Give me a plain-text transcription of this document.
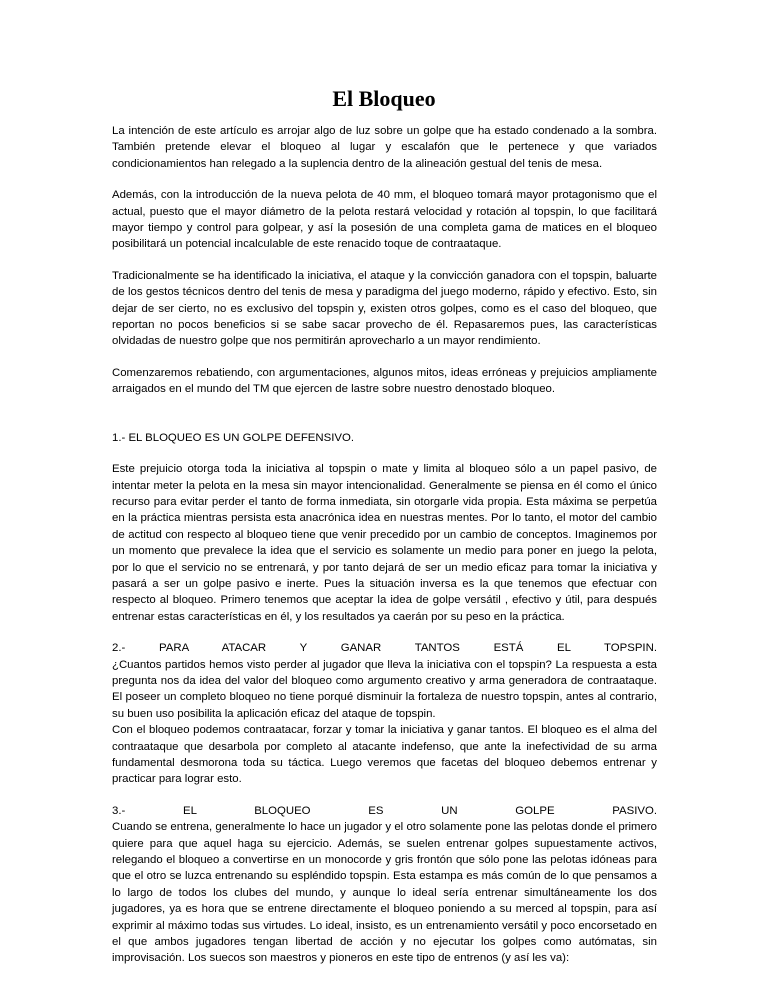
El Bloqueo

La intención de este artículo es arrojar algo de luz sobre un golpe que ha estado condenado a la sombra. También pretende elevar el bloqueo al lugar y escalafón que le pertenece y que variados condicionamientos han relegado a la suplencia dentro de la alineación gestual del tenis de mesa.

Además, con la introducción de la nueva pelota de 40 mm, el bloqueo tomará mayor protagonismo que el actual, puesto que el mayor diámetro de la pelota restará velocidad y rotación al topspin, lo que facilitará mayor tiempo y control para golpear, y así la posesión de una completa gama de matices en el bloqueo posibilitará un potencial incalculable de este renacido toque de contraataque.

Tradicionalmente se ha identificado la iniciativa, el ataque y la convicción ganadora con el topspin, baluarte de los gestos técnicos dentro del tenis de mesa y paradigma del juego moderno, rápido y efectivo. Esto, sin dejar de ser cierto, no es exclusivo del topspin y, existen otros golpes, como es el caso del bloqueo, que reportan no pocos beneficios si se sabe sacar provecho de él. Repasaremos pues, las características olvidadas de nuestro golpe que nos permitirán aprovecharlo a un mayor rendimiento.

Comenzaremos rebatiendo, con argumentaciones, algunos mitos, ideas erróneas y prejuicios ampliamente arraigados en el mundo del TM que ejercen de lastre sobre nuestro denostado bloqueo.

1.- EL BLOQUEO ES UN GOLPE DEFENSIVO.

Este prejuicio otorga toda la iniciativa al topspin o mate y limita al bloqueo sólo a un papel pasivo, de intentar meter la pelota en la mesa sin mayor intencionalidad. Generalmente se piensa en él como el único recurso para evitar perder el tanto de forma inmediata, sin otorgarle vida propia. Esta máxima se perpetúa en la práctica mientras persista esta anacrónica idea en nuestras mentes. Por lo tanto, el motor del cambio de actitud con respecto al bloqueo tiene que venir precedido por un cambio de conceptos. Imaginemos por un momento que prevalece la idea que el servicio es solamente un medio para poner en juego la pelota, por lo que el servicio no se entrenará, y por tanto dejará de ser un medio eficaz para tomar la iniciativa y pasará a ser un golpe pasivo e inerte. Pues la situación inversa es la que tenemos que efectuar con respecto al bloqueo. Primero tenemos que aceptar la idea de golpe versátil , efectivo y útil, para después entrenar estas características en él, y los resultados ya caerán por su peso en la práctica.

2.- PARA ATACAR Y GANAR TANTOS ESTÁ EL TOPSPIN.

¿Cuantos partidos hemos visto perder al jugador que lleva la iniciativa con el topspin? La respuesta a esta pregunta nos da idea del valor del bloqueo como argumento creativo y arma generadora de contraataque. El poseer un completo bloqueo no tiene porqué disminuir la fortaleza de nuestro topspin, antes al contrario, su buen uso posibilita la aplicación eficaz del ataque de topspin.

Con el bloqueo podemos contraatacar, forzar y tomar la iniciativa y ganar tantos. El bloqueo es el alma del contraataque que desarbola por completo al atacante indefenso, que ante la inefectividad de su arma fundamental desmorona toda su táctica. Luego veremos que facetas del bloqueo debemos entrenar y practicar para lograr esto.

3.- EL BLOQUEO ES UN GOLPE PASIVO.

Cuando se entrena, generalmente lo hace un jugador y el otro solamente pone las pelotas donde el primero quiere para que aquel haga su ejercicio. Además, se suelen entrenar golpes supuestamente activos, relegando el bloqueo a convertirse en un monocorde y gris frontón que sólo pone las pelotas idóneas para que el otro se luzca entrenando su espléndido topspin. Esta estampa es más común de lo que pensamos a lo largo de todos los clubes del mundo, y aunque lo ideal sería entrenar simultáneamente los dos jugadores, ya es hora que se entrene directamente el bloqueo poniendo a su merced al topspin, para así exprimir al máximo todas sus virtudes. Lo ideal, insisto, es un entrenamiento versátil y poco encorsetado en el que ambos jugadores tengan libertad de acción y no ejecutar los golpes como autómatas, sin improvisación. Los suecos son maestros y pioneros en este tipo de entrenos (y así les va):
